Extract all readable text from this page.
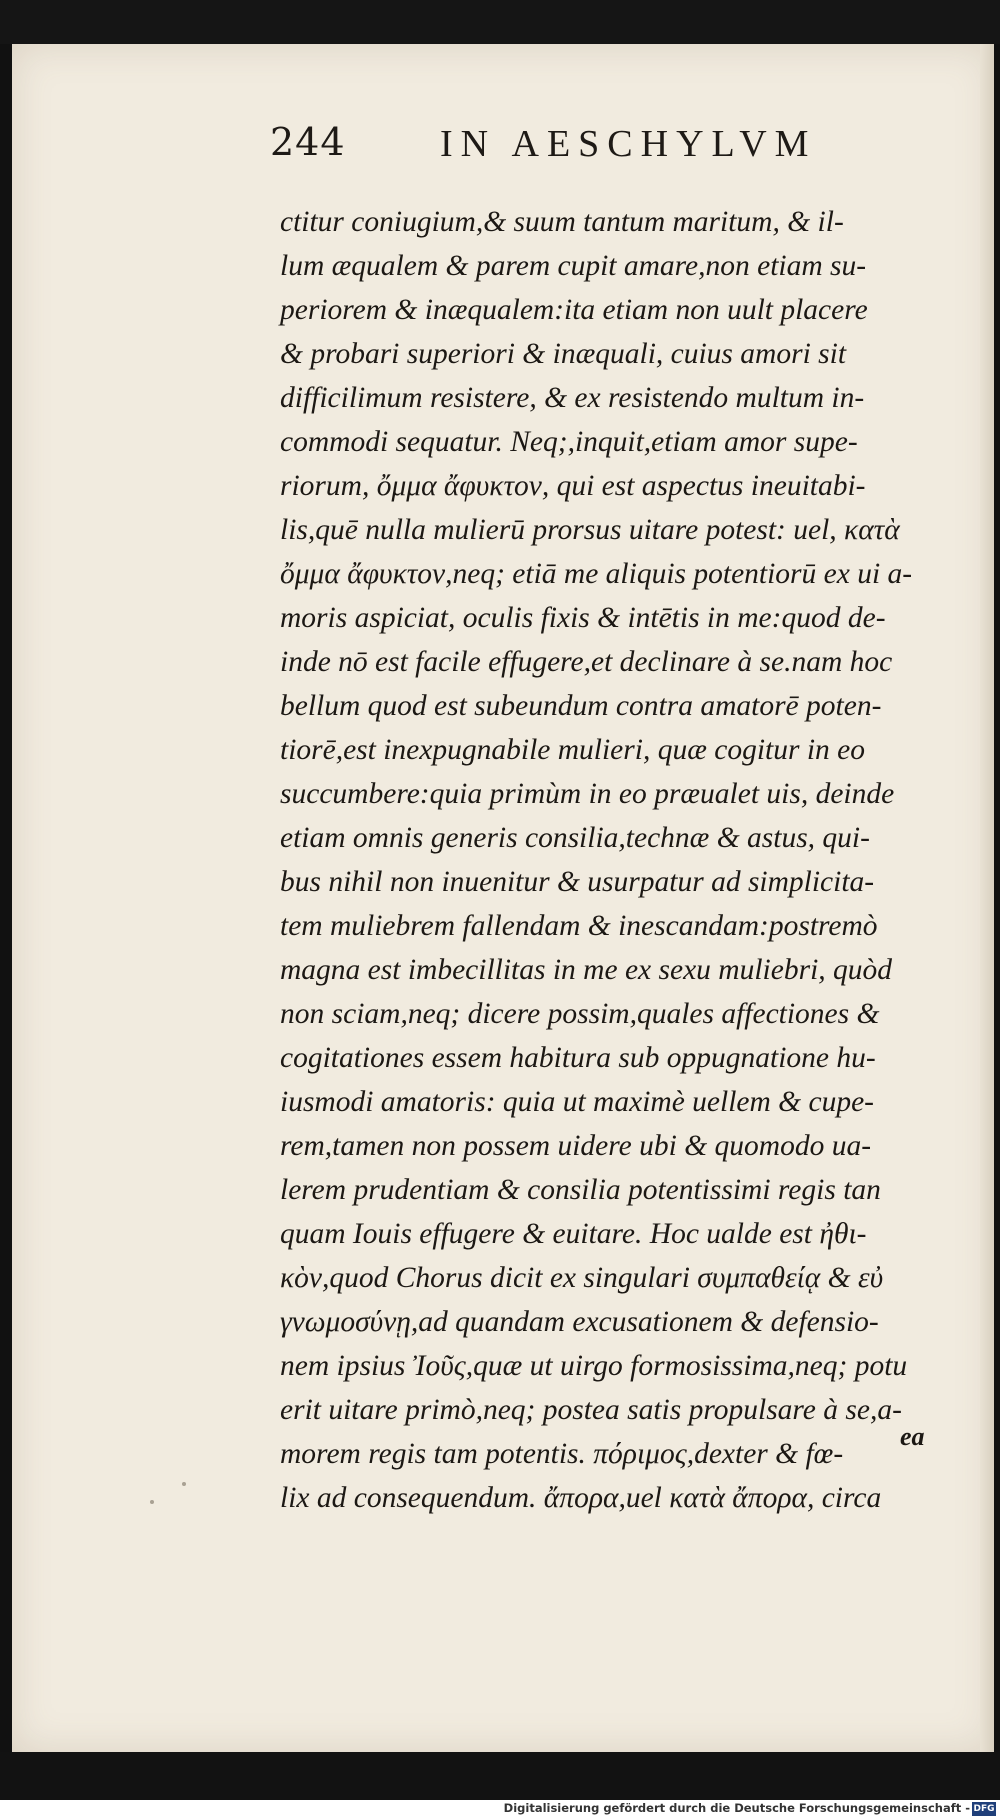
244 IN AESCHYLVM
ctitur coniugium,& suum tantum maritum, & il-
lum æqualem & parem cupit amare,non etiam su-
periorem & inæqualem:ita etiam non uult placere
& probari superiori & inæquali, cuius amori sit
difficilimum resistere, & ex resistendo multum in-
commodi sequatur. Neq;,inquit,etiam amor supe-
riorum, ὄμμα ἄφυκτον, qui est aspectus ineuitabi-
lis,quē nulla mulierū prorsus uitare potest: uel, κατὰ
ὄμμα ἄφυκτον,neq; etiā me aliquis potentiorū ex ui a-
moris aspiciat, oculis fixis & intētis in me:quod de-
inde nō est facile effugere,et declinare à se.nam hoc
bellum quod est subeundum contra amatorē poten-
tiorē,est inexpugnabile mulieri, quæ cogitur in eo
succumbere:quia primùm in eo præualet uis, deinde
etiam omnis generis consilia,technæ & astus, qui-
bus nihil non inuenitur & usurpatur ad simplicita-
tem muliebrem fallendam & inescandam:postremò
magna est imbecillitas in me ex sexu muliebri, quòd
non sciam,neq; dicere possim,quales affectiones &
cogitationes essem habitura sub oppugnatione hu-
iusmodi amatoris: quia ut maximè uellem & cupe-
rem,tamen non possem uidere ubi & quomodo ua-
lerem prudentiam & consilia potentissimi regis tan
quam Iouis effugere & euitare. Hoc ualde est ἠθι-
κὸν,quod Chorus dicit ex singulari συμπαθείᾳ & εὐ
γνωμοσύνῃ,ad quandam excusationem & defensio-
nem ipsius Ἰοῦς,quæ ut uirgo formosissima,neq; potu
erit uitare primò,neq; postea satis propulsare à se,a-
morem regis tam potentis. πόριμος,dexter & fœ-
lix ad consequendum. ἄπορα,uel κατὰ ἄπορα, circa
ea
Digitalisierung gefördert durch die Deutsche Forschungsgemeinschaft - DFG
